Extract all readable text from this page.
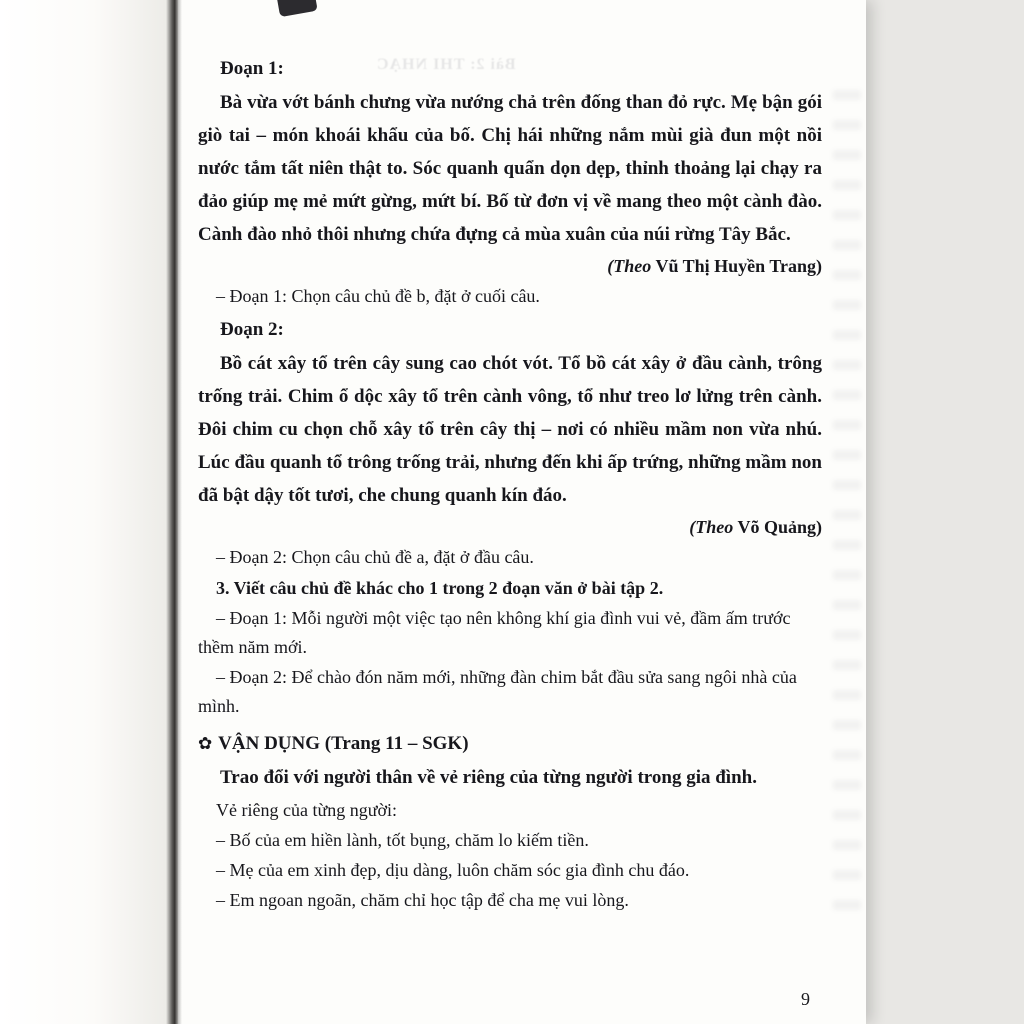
Bài 2: THI NHẠC

Đoạn 1:

Bà vừa vớt bánh chưng vừa nướng chả trên đống than đỏ rực. Mẹ bận gói giò tai – món khoái khẩu của bố. Chị hái những nắm mùi già đun một nồi nước tắm tất niên thật to. Sóc quanh quẩn dọn dẹp, thỉnh thoảng lại chạy ra đảo giúp mẹ mẻ mứt gừng, mứt bí. Bố từ đơn vị về mang theo một cành đào. Cành đào nhỏ thôi nhưng chứa đựng cả mùa xuân của núi rừng Tây Bắc.

(Theo Vũ Thị Huyền Trang)

– Đoạn 1: Chọn câu chủ đề b, đặt ở cuối câu.

Đoạn 2:

Bồ cát xây tổ trên cây sung cao chót vót. Tổ bồ cát xây ở đầu cành, trông trống trải. Chim ổ dộc xây tổ trên cành vông, tổ như treo lơ lửng trên cành. Đôi chim cu chọn chỗ xây tổ trên cây thị – nơi có nhiều mầm non vừa nhú. Lúc đầu quanh tổ trông trống trải, nhưng đến khi ấp trứng, những mầm non đã bật dậy tốt tươi, che chung quanh kín đáo.

(Theo Võ Quảng)

– Đoạn 2: Chọn câu chủ đề a, đặt ở đầu câu.

3. Viết câu chủ đề khác cho 1 trong 2 đoạn văn ở bài tập 2.

– Đoạn 1: Mỗi người một việc tạo nên không khí gia đình vui vẻ, đầm ấm trước thềm năm mới.

– Đoạn 2: Để chào đón năm mới, những đàn chim bắt đầu sửa sang ngôi nhà của mình.

✿ VẬN DỤNG (Trang 11 – SGK)

Trao đổi với người thân về vẻ riêng của từng người trong gia đình.

Vẻ riêng của từng người:

– Bố của em hiền lành, tốt bụng, chăm lo kiếm tiền.

– Mẹ của em xinh đẹp, dịu dàng, luôn chăm sóc gia đình chu đáo.

– Em ngoan ngoãn, chăm chỉ học tập để cha mẹ vui lòng.

9
